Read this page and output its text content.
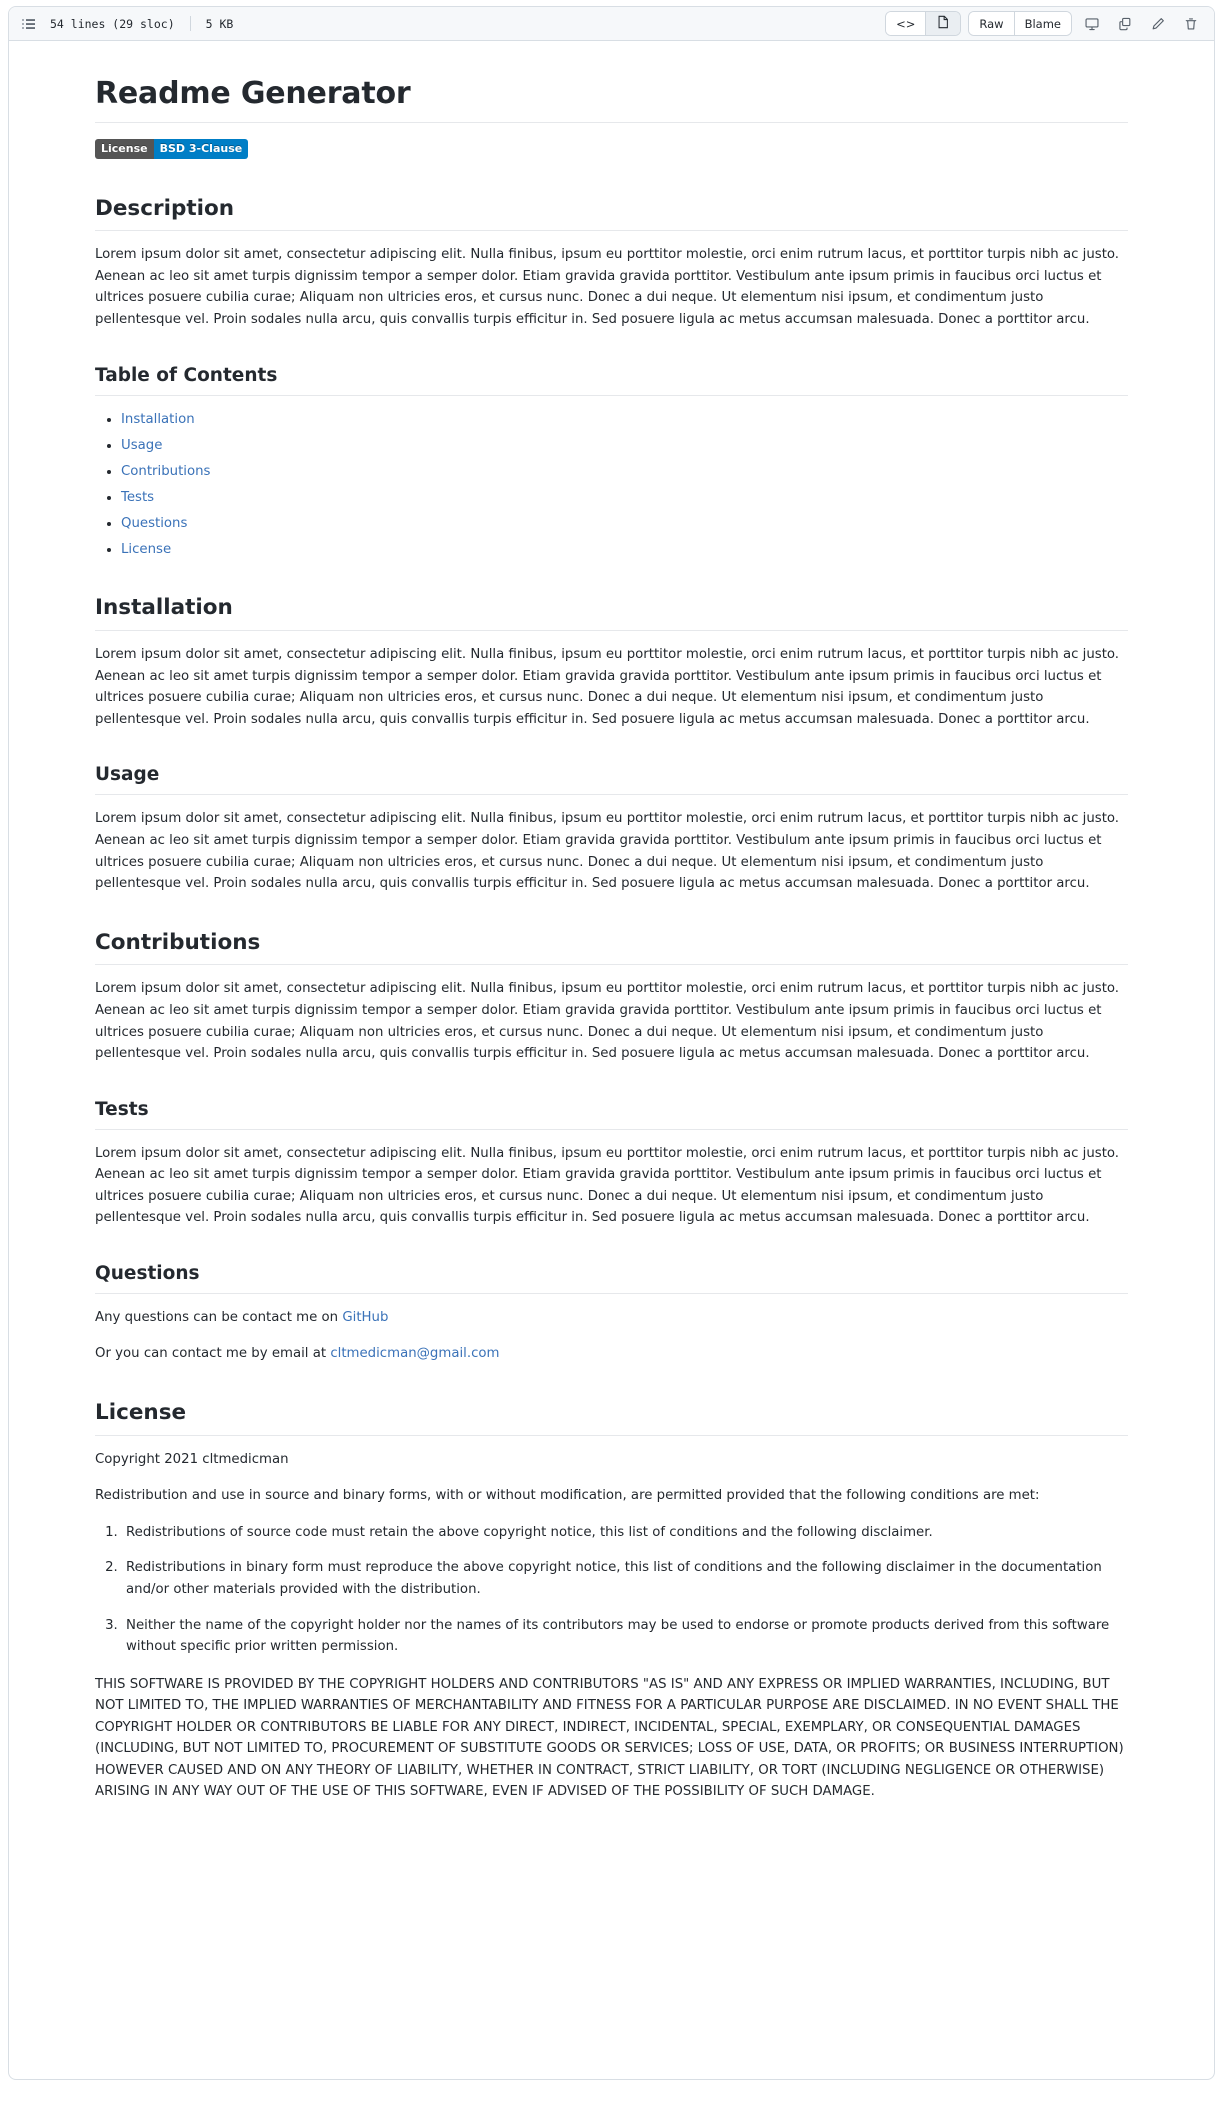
54 lines (29 sloc)	5 KB	<>	Raw	Blame
Readme Generator
License	BSD 3-Clause
Description

Lorem ipsum dolor sit amet, consectetur adipiscing elit. Nulla finibus, ipsum eu porttitor molestie, orci enim rutrum lacus, et porttitor turpis nibh ac justo. Aenean ac leo sit amet turpis dignissim tempor a semper dolor. Etiam gravida gravida porttitor. Vestibulum ante ipsum primis in faucibus orci luctus et ultrices posuere cubilia curae; Aliquam non ultricies eros, et cursus nunc. Donec a dui neque. Ut elementum nisi ipsum, et condimentum justo pellentesque vel. Proin sodales nulla arcu, quis convallis turpis efficitur in. Sed posuere ligula ac metus accumsan malesuada. Donec a porttitor arcu.

Table of Contents
• Installation
• Usage
• Contributions
• Tests
• Questions
• License
Installation

Lorem ipsum dolor sit amet, consectetur adipiscing elit. Nulla finibus, ipsum eu porttitor molestie, orci enim rutrum lacus, et porttitor turpis nibh ac justo. Aenean ac leo sit amet turpis dignissim tempor a semper dolor. Etiam gravida gravida porttitor. Vestibulum ante ipsum primis in faucibus orci luctus et ultrices posuere cubilia curae; Aliquam non ultricies eros, et cursus nunc. Donec a dui neque. Ut elementum nisi ipsum, et condimentum justo pellentesque vel. Proin sodales nulla arcu, quis convallis turpis efficitur in. Sed posuere ligula ac metus accumsan malesuada. Donec a porttitor arcu.

Usage

Lorem ipsum dolor sit amet, consectetur adipiscing elit. Nulla finibus, ipsum eu porttitor molestie, orci enim rutrum lacus, et porttitor turpis nibh ac justo. Aenean ac leo sit amet turpis dignissim tempor a semper dolor. Etiam gravida gravida porttitor. Vestibulum ante ipsum primis in faucibus orci luctus et ultrices posuere cubilia curae; Aliquam non ultricies eros, et cursus nunc. Donec a dui neque. Ut elementum nisi ipsum, et condimentum justo pellentesque vel. Proin sodales nulla arcu, quis convallis turpis efficitur in. Sed posuere ligula ac metus accumsan malesuada. Donec a porttitor arcu.

Contributions

Lorem ipsum dolor sit amet, consectetur adipiscing elit. Nulla finibus, ipsum eu porttitor molestie, orci enim rutrum lacus, et porttitor turpis nibh ac justo. Aenean ac leo sit amet turpis dignissim tempor a semper dolor. Etiam gravida gravida porttitor. Vestibulum ante ipsum primis in faucibus orci luctus et ultrices posuere cubilia curae; Aliquam non ultricies eros, et cursus nunc. Donec a dui neque. Ut elementum nisi ipsum, et condimentum justo pellentesque vel. Proin sodales nulla arcu, quis convallis turpis efficitur in. Sed posuere ligula ac metus accumsan malesuada. Donec a porttitor arcu.

Tests

Lorem ipsum dolor sit amet, consectetur adipiscing elit. Nulla finibus, ipsum eu porttitor molestie, orci enim rutrum lacus, et porttitor turpis nibh ac justo. Aenean ac leo sit amet turpis dignissim tempor a semper dolor. Etiam gravida gravida porttitor. Vestibulum ante ipsum primis in faucibus orci luctus et ultrices posuere cubilia curae; Aliquam non ultricies eros, et cursus nunc. Donec a dui neque. Ut elementum nisi ipsum, et condimentum justo pellentesque vel. Proin sodales nulla arcu, quis convallis turpis efficitur in. Sed posuere ligula ac metus accumsan malesuada. Donec a porttitor arcu.

Questions

Any questions can be contact me on GitHub

Or you can contact me by email at cltmedicman@gmail.com

License

Copyright 2021 cltmedicman

Redistribution and use in source and binary forms, with or without modification, are permitted provided that the following conditions are met:

1. Redistributions of source code must retain the above copyright notice, this list of conditions and the following disclaimer.
2. Redistributions in binary form must reproduce the above copyright notice, this list of conditions and the following disclaimer in the documentation and/or other materials provided with the distribution.
3. Neither the name of the copyright holder nor the names of its contributors may be used to endorse or promote products derived from this software without specific prior written permission.

THIS SOFTWARE IS PROVIDED BY THE COPYRIGHT HOLDERS AND CONTRIBUTORS "AS IS" AND ANY EXPRESS OR IMPLIED WARRANTIES, INCLUDING, BUT NOT LIMITED TO, THE IMPLIED WARRANTIES OF MERCHANTABILITY AND FITNESS FOR A PARTICULAR PURPOSE ARE DISCLAIMED. IN NO EVENT SHALL THE COPYRIGHT HOLDER OR CONTRIBUTORS BE LIABLE FOR ANY DIRECT, INDIRECT, INCIDENTAL, SPECIAL, EXEMPLARY, OR CONSEQUENTIAL DAMAGES (INCLUDING, BUT NOT LIMITED TO, PROCUREMENT OF SUBSTITUTE GOODS OR SERVICES; LOSS OF USE, DATA, OR PROFITS; OR BUSINESS INTERRUPTION) HOWEVER CAUSED AND ON ANY THEORY OF LIABILITY, WHETHER IN CONTRACT, STRICT LIABILITY, OR TORT (INCLUDING NEGLIGENCE OR OTHERWISE) ARISING IN ANY WAY OUT OF THE USE OF THIS SOFTWARE, EVEN IF ADVISED OF THE POSSIBILITY OF SUCH DAMAGE.
